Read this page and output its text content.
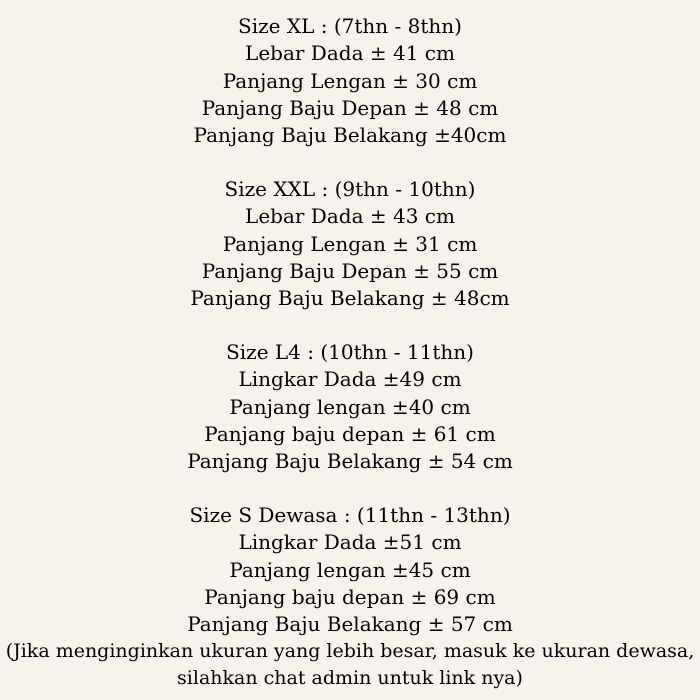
Size XL : (7thn - 8thn)
Lebar Dada ± 41 cm
Panjang Lengan ± 30 cm
Panjang Baju Depan ± 48 cm
Panjang Baju Belakang ±40cm
Size XXL : (9thn - 10thn)
Lebar Dada ± 43 cm
Panjang Lengan ± 31 cm
Panjang Baju Depan ± 55 cm
Panjang Baju Belakang ± 48cm
Size L4 : (10thn - 11thn)
Lingkar Dada ±49 cm
Panjang lengan ±40 cm
Panjang baju depan ± 61 cm
Panjang Baju Belakang ± 54 cm
Size S Dewasa : (11thn - 13thn)
Lingkar Dada ±51 cm
Panjang lengan ±45 cm
Panjang baju depan ± 69 cm
Panjang Baju Belakang ± 57 cm
(Jika menginginkan ukuran yang lebih besar, masuk ke ukuran dewasa,
silahkan chat admin untuk link nya)
